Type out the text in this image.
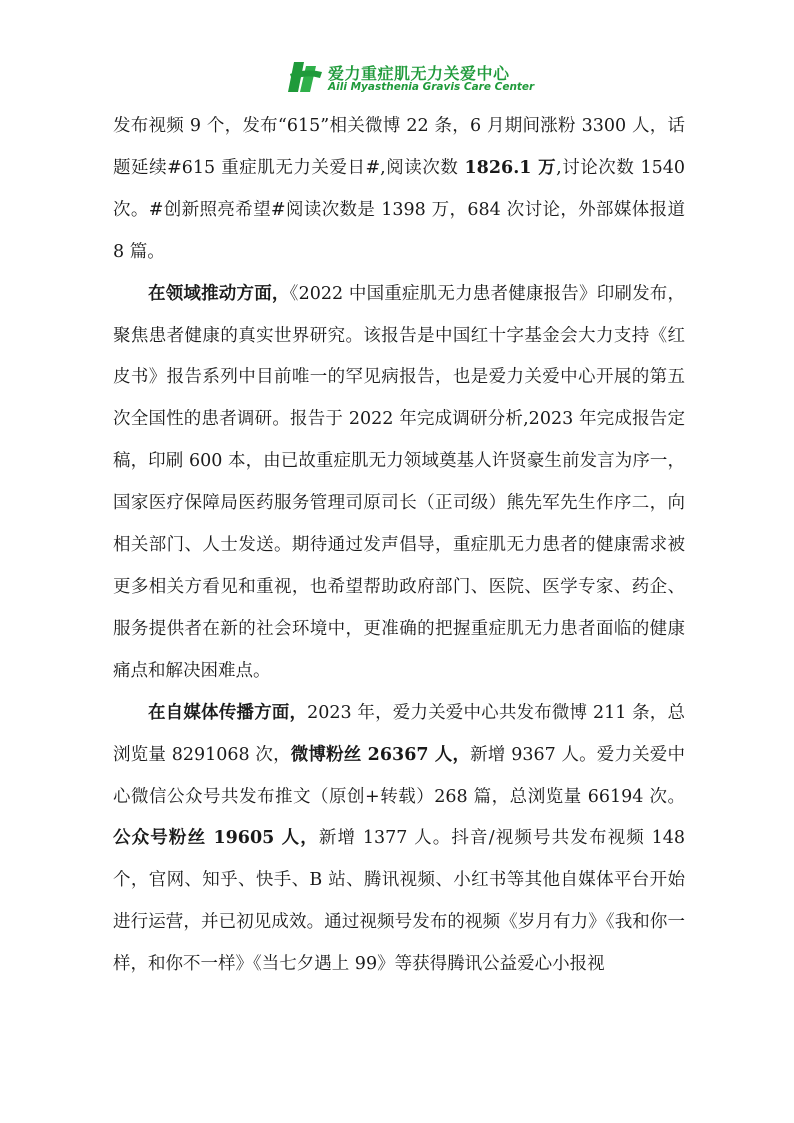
爱力重症肌无力关爱中心
Aili Myasthenia Gravis Care Center

发布视频 9 个，发布“615”相关微博 22 条，6 月期间涨粉 3300 人，话题延续#615 重症肌无力关爱日#,阅读次数 1826.1 万,讨论次数 1540 次。#创新照亮希望#阅读次数是 1398 万，684 次讨论，外部媒体报道 8 篇。

在领域推动方面，《2022 中国重症肌无力患者健康报告》印刷发布，聚焦患者健康的真实世界研究。该报告是中国红十字基金会大力支持《红皮书》报告系列中目前唯一的罕见病报告，也是爱力关爱中心开展的第五次全国性的患者调研。报告于 2022 年完成调研分析,2023 年完成报告定稿，印刷 600 本，由已故重症肌无力领域奠基人许贤豪生前发言为序一，国家医疗保障局医药服务管理司原司长（正司级）熊先军先生作序二，向相关部门、人士发送。期待通过发声倡导，重症肌无力患者的健康需求被更多相关方看见和重视，也希望帮助政府部门、医院、医学专家、药企、服务提供者在新的社会环境中，更准确的把握重症肌无力患者面临的健康痛点和解决困难点。

在自媒体传播方面，2023 年，爱力关爱中心共发布微博 211 条，总浏览量 8291068 次，微博粉丝 26367 人，新增 9367 人。爱力关爱中心微信公众号共发布推文（原创+转载）268 篇，总浏览量 66194 次。公众号粉丝 19605 人，新增 1377 人。抖音/视频号共发布视频 148 个，官网、知乎、快手、B 站、腾讯视频、小红书等其他自媒体平台开始进行运营，并已初见成效。通过视频号发布的视频《岁月有力》《我和你一样，和你不一样》《当七夕遇上 99》等获得腾讯公益爱心小报视
